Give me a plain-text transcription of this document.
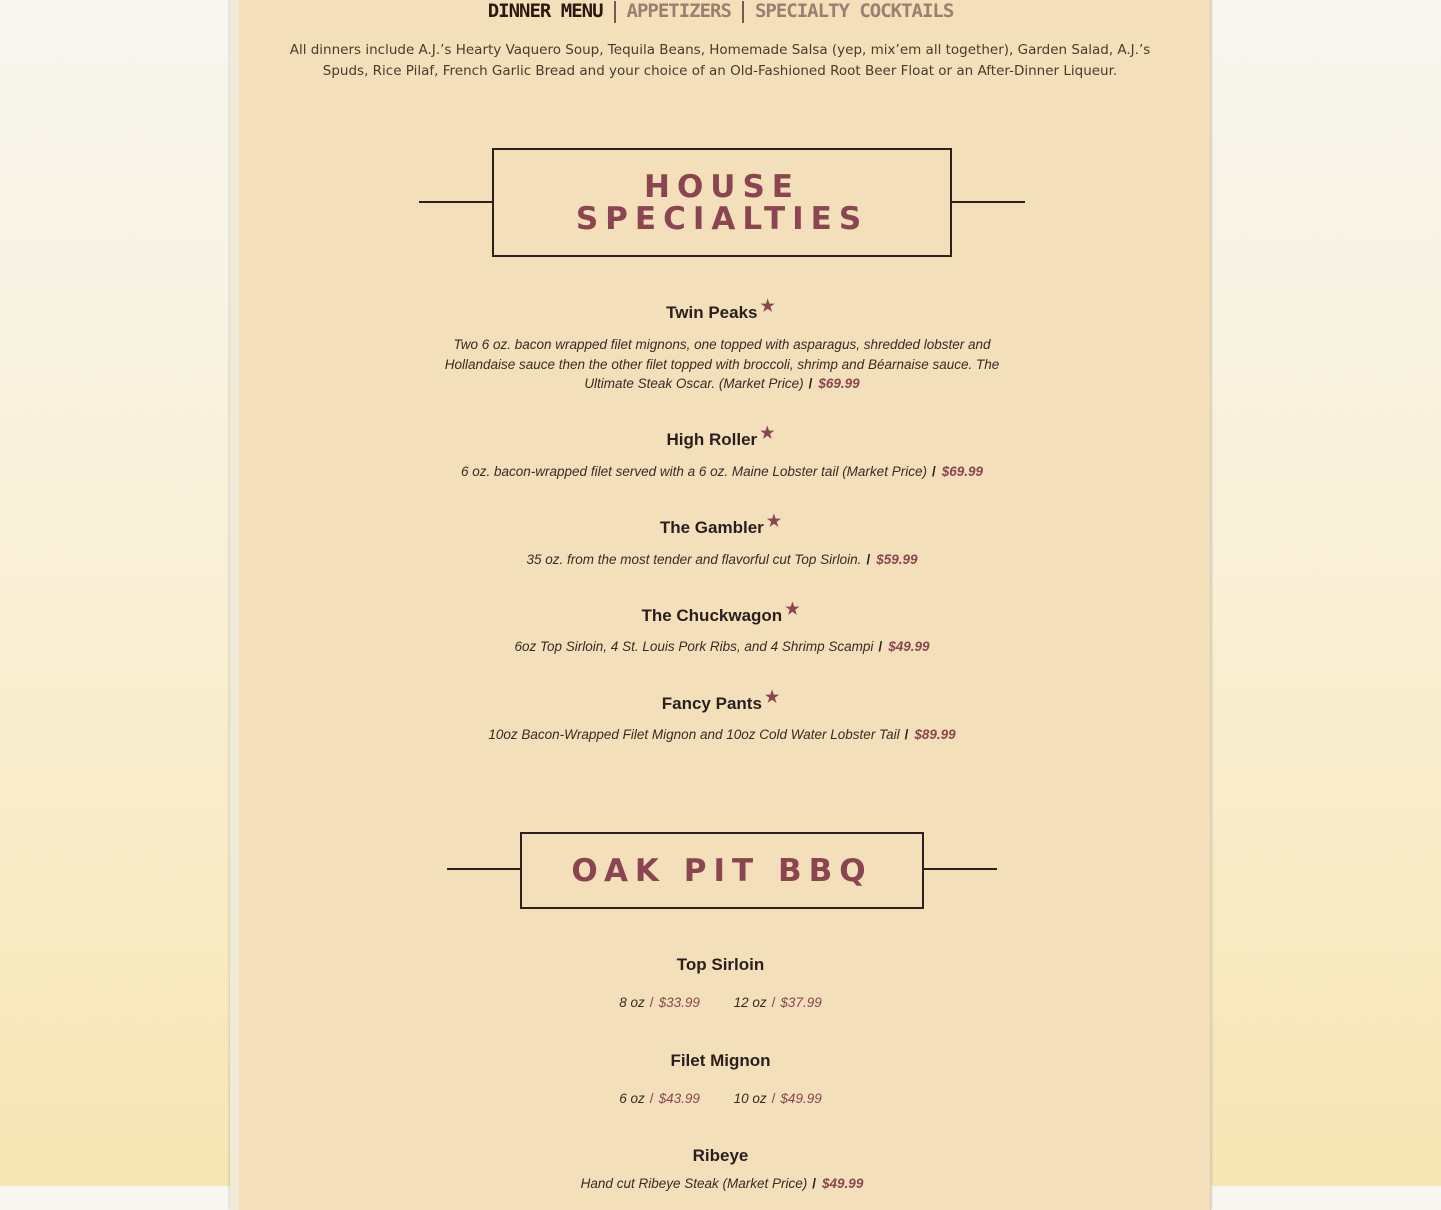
DINNER MENU APPETIZERS SPECIALTY COCKTAILS
All dinners include A.J.’s Hearty Vaquero Soup, Tequila Beans, Homemade Salsa (yep, mix’em all together), Garden Salad, A.J.’s Spuds, Rice Pilaf, French Garlic Bread and your choice of an Old-Fashioned Root Beer Float or an After-Dinner Liqueur.
HOUSE
SPECIALTIES
Twin Peaks ★
Two 6 oz. bacon wrapped filet mignons, one topped with asparagus, shredded lobster and Hollandaise sauce then the other filet topped with broccoli, shrimp and Béarnaise sauce. The Ultimate Steak Oscar. (Market Price) / $69.99
High Roller ★
6 oz. bacon-wrapped filet served with a 6 oz. Maine Lobster tail (Market Price) / $69.99
The Gambler ★
35 oz. from the most tender and flavorful cut Top Sirloin. / $59.99
The Chuckwagon ★
6oz Top Sirloin, 4 St. Louis Pork Ribs, and 4 Shrimp Scampi / $49.99
Fancy Pants ★
10oz Bacon-Wrapped Filet Mignon and 10oz Cold Water Lobster Tail / $89.99
OAK PIT BBQ
Top Sirloin
8 oz / $33.99	12 oz / $37.99
Filet Mignon
6 oz / $43.99	10 oz / $49.99
Ribeye
Hand cut Ribeye Steak (Market Price) / $49.99
